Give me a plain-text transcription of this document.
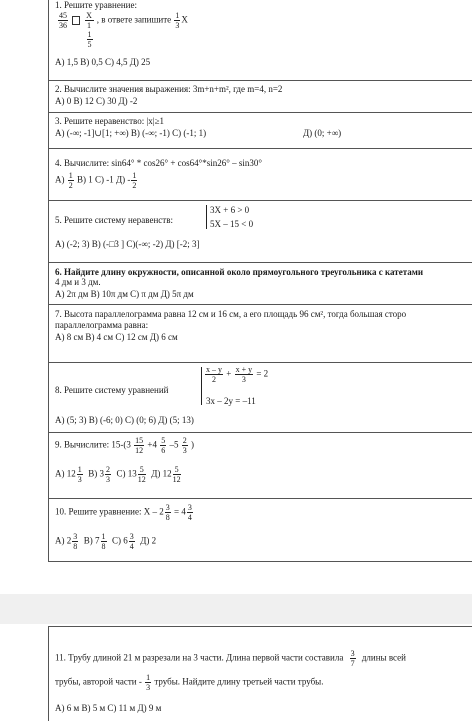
1. Решите уравнение:
$\frac{45}{36}$
X
1
1
5 , в ответе запишите $\frac{1}{3}$ X
А) 1,5 В) 0,5 С) 4,5 Д) 25
2. Вычислите значения выражения: 3m+n+m², где m=4, n=2
А) 0 В) 12 С) 30 Д) -2
3. Решите неравенство: |x|≥1
А) (-∞; -1]∪[1; +∞) В) (-∞; -1) С) (-1; 1)	Д) (0; +∞)
4. Вычислите: sin64° * cos26° + cos64°*sin26° – sin30°
$А) \frac{1}{2} В$) 1 С) -1 $Д) - \frac{1}{2}$
5. Решите систему неравенств:
3X + 6 > 0
5X – 15 < 0
А) (-2; 3) В) (-□3 ] С)(-∞; -2) Д) [-2; 3]
6. Найдите длину окружности, описанной около прямоугольного треугольника с катетами
4 дм и 3 дм.
А) 2π дм В) 10π дм С) π дм Д) 5π дм
7. Высота параллелограмма равна 12 см и 16 см, а его площадь 96 см², тогда большая сторо
параллелограмма равна:
А) 8 см В) 4 см С) 12 см Д) 6 см
8. Решите систему уравнений
$\frac{x - y}{2} + \frac{x + y}{3} = 2$
3x – 2y = –11
А) (5; 3) В) (-6; 0) С) (0; 6) Д) (5; 13)
9. Вычислите: $15-(3 \frac{15}{12} +4 \frac{5}{6} -5 \frac{2}{3}$ )
А) $12 \frac{1}{3} В$) $3 \frac{2}{3} С$) $13 \frac{5}{12} Д$) $12 \frac{5}{12}$
10. Решите уравнение: $X - 2 \frac{3}{8} = 4 \frac{3}{4}$
А) $2 \frac{3}{8} В$) $7 \frac{1}{8} С$) $6 \frac{3}{4} Д$) 2
11. Трубу длиной 21 м разрезали на 3 части. Длина первой части составила $\frac{3}{7}$ длины всей
трубы, авторой части - $\frac{1}{3}$ трубы. Найдите длину третьей части трубы.
А) 6 м В) 5 м С) 11 м Д) 9 м
